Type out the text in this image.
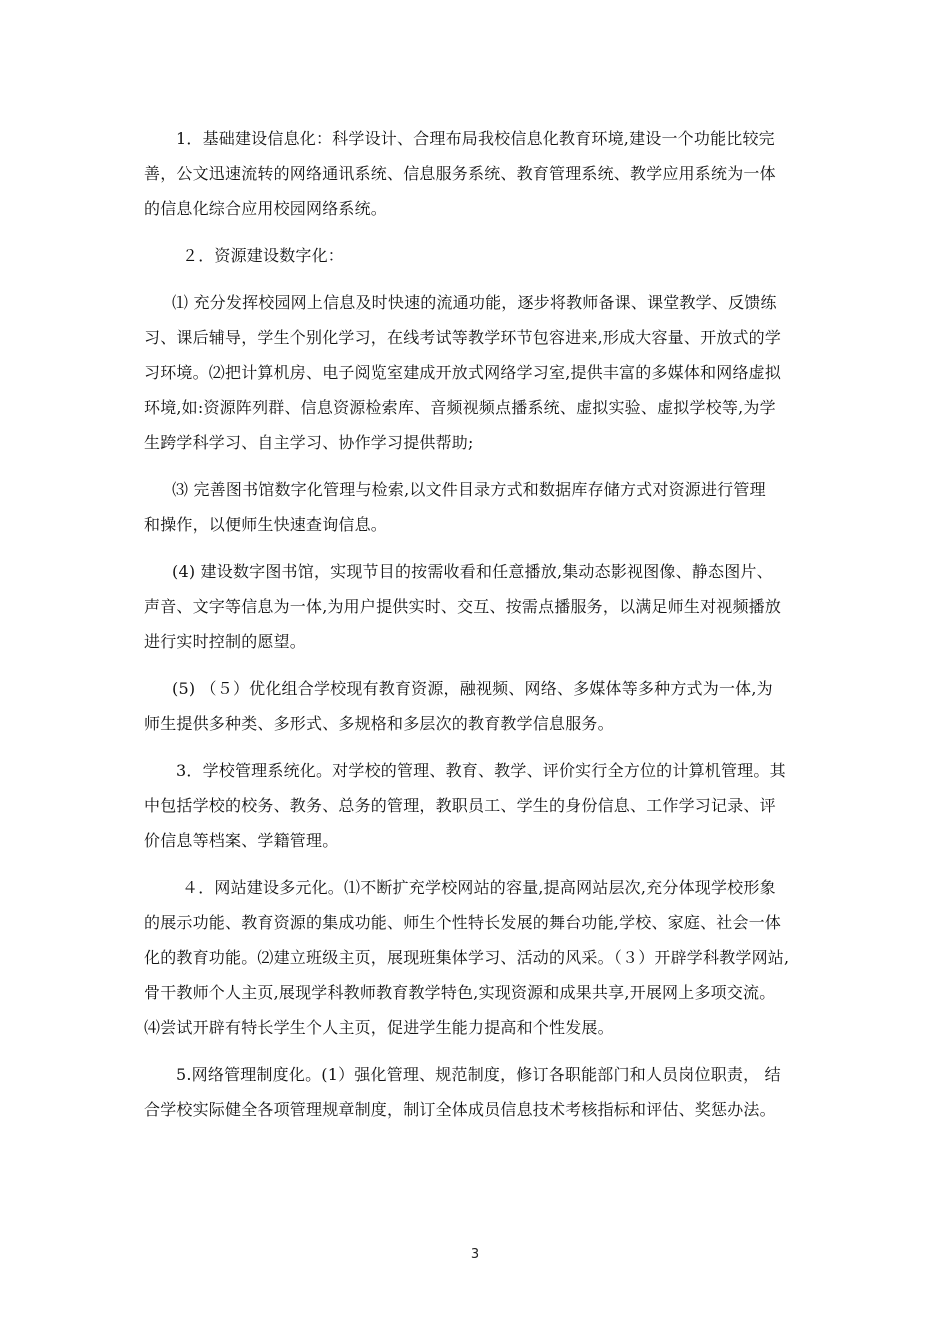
1．基础建设信息化：科学设计、合理布局我校信息化教育环境,建设一个功能比较完
善，公文迅速流转的网络通讯系统、信息服务系统、教育管理系统、教学应用系统为一体
的信息化综合应用校园网络系统。
２．资源建设数字化：
⑴ 充分发挥校园网上信息及时快速的流通功能，逐步将教师备课、课堂教学、反馈练
习、课后辅导，学生个别化学习，在线考试等教学环节包容进来,形成大容量、开放式的学
习环境。⑵把计算机房、电子阅览室建成开放式网络学习室,提供丰富的多媒体和网络虚拟
环境,如:资源阵列群、信息资源检索库、音频视频点播系统、虚拟实验、虚拟学校等,为学
生跨学科学习、自主学习、协作学习提供帮助;
⑶ 完善图书馆数字化管理与检索,以文件目录方式和数据库存储方式对资源进行管理
和操作，以便师生快速查询信息。
(4) 建设数字图书馆，实现节目的按需收看和任意播放,集动态影视图像、静态图片、
声音、文字等信息为一体,为用户提供实时、交互、按需点播服务，以满足师生对视频播放
进行实时控制的愿望。
(5) （５）优化组合学校现有教育资源，融视频、网络、多媒体等多种方式为一体,为
师生提供多种类、多形式、多规格和多层次的教育教学信息服务。
3．学校管理系统化。对学校的管理、教育、教学、评价实行全方位的计算机管理。其
中包括学校的校务、教务、总务的管理，教职员工、学生的身份信息、工作学习记录、评
价信息等档案、学籍管理。
４．网站建设多元化。⑴不断扩充学校网站的容量,提高网站层次,充分体现学校形象
的展示功能、教育资源的集成功能、师生个性特长发展的舞台功能,学校、家庭、社会一体
化的教育功能。⑵建立班级主页，展现班集体学习、活动的风采。（３）开辟学科教学网站,
骨干教师个人主页,展现学科教师教育教学特色,实现资源和成果共享,开展网上多项交流。
⑷尝试开辟有特长学生个人主页，促进学生能力提高和个性发展。
5.网络管理制度化。(1）强化管理、规范制度，修订各职能部门和人员岗位职责， 结
合学校实际健全各项管理规章制度，制订全体成员信息技术考核指标和评估、奖惩办法。
3
